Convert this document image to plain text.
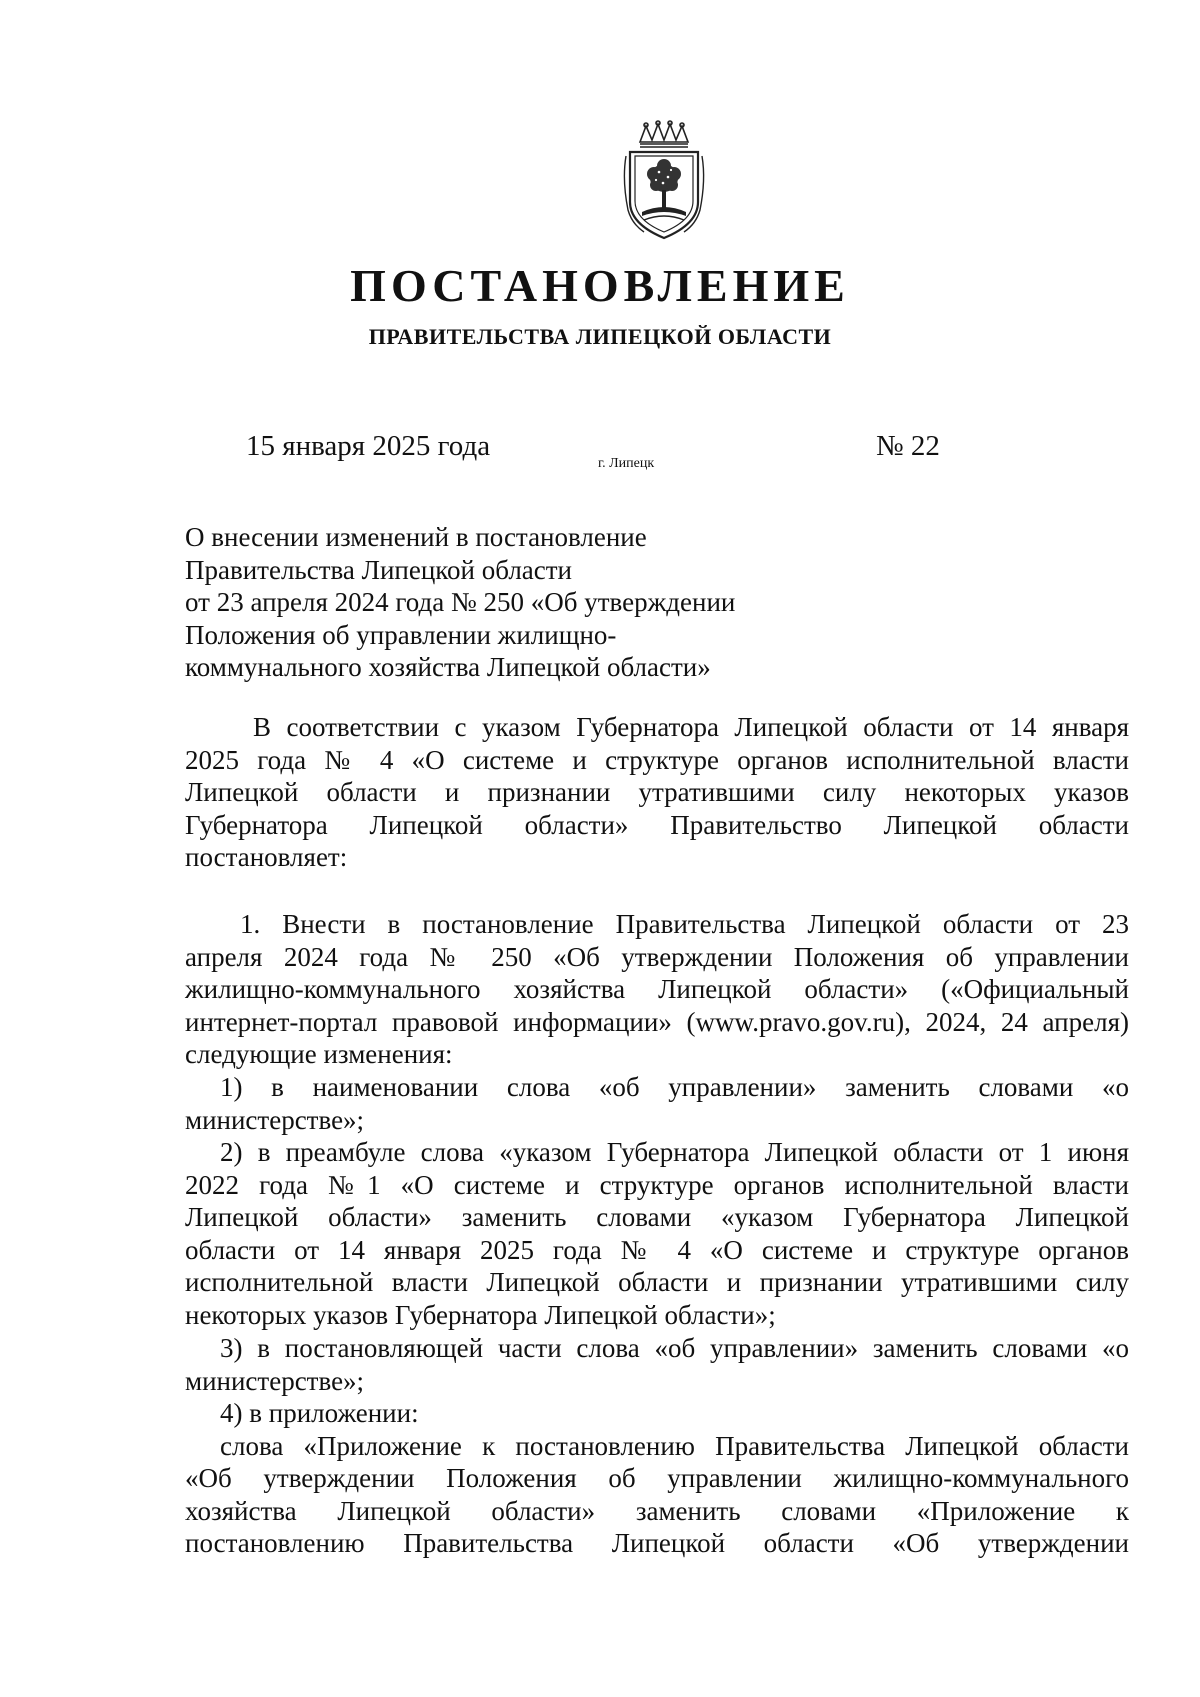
ПОСТАНОВЛЕНИЕ
ПРАВИТЕЛЬСТВА ЛИПЕЦКОЙ ОБЛАСТИ
15 января 2025 года
г. Липецк
№ 22
О внесении изменений в постановление
Правительства Липецкой области
от 23 апреля 2024 года № 250 «Об утверждении
Положения об управлении жилищно-
коммунального хозяйства Липецкой области»
В соответствии с указом Губернатора Липецкой области от 14 января
2025 года № 4 «О системе и структуре органов исполнительной власти
Липецкой области и признании утратившими силу некоторых указов
Губернатора Липецкой области» Правительство Липецкой области
постановляет:
1. Внести в постановление Правительства Липецкой области от 23
апреля 2024 года № 250 «Об утверждении Положения об управлении
жилищно-коммунального хозяйства Липецкой области» («Официальный
интернет-портал правовой информации» (www.pravo.gov.ru), 2024, 24 апреля)
следующие изменения:
1) в наименовании слова «об управлении» заменить словами «о
министерстве»;
2) в преамбуле слова «указом Губернатора Липецкой области от 1 июня
2022 года №1 «О системе и структуре органов исполнительной власти
Липецкой области» заменить словами «указом Губернатора Липецкой
области от 14 января 2025 года № 4 «О системе и структуре органов
исполнительной власти Липецкой области и признании утратившими силу
некоторых указов Губернатора Липецкой области»;
3) в постановляющей части слова «об управлении» заменить словами «о
министерстве»;
4) в приложении:
слова «Приложение к постановлению Правительства Липецкой области
«Об утверждении Положения об управлении жилищно-коммунального
хозяйства Липецкой области» заменить словами «Приложение к
постановлению Правительства Липецкой области «Об утверждении
